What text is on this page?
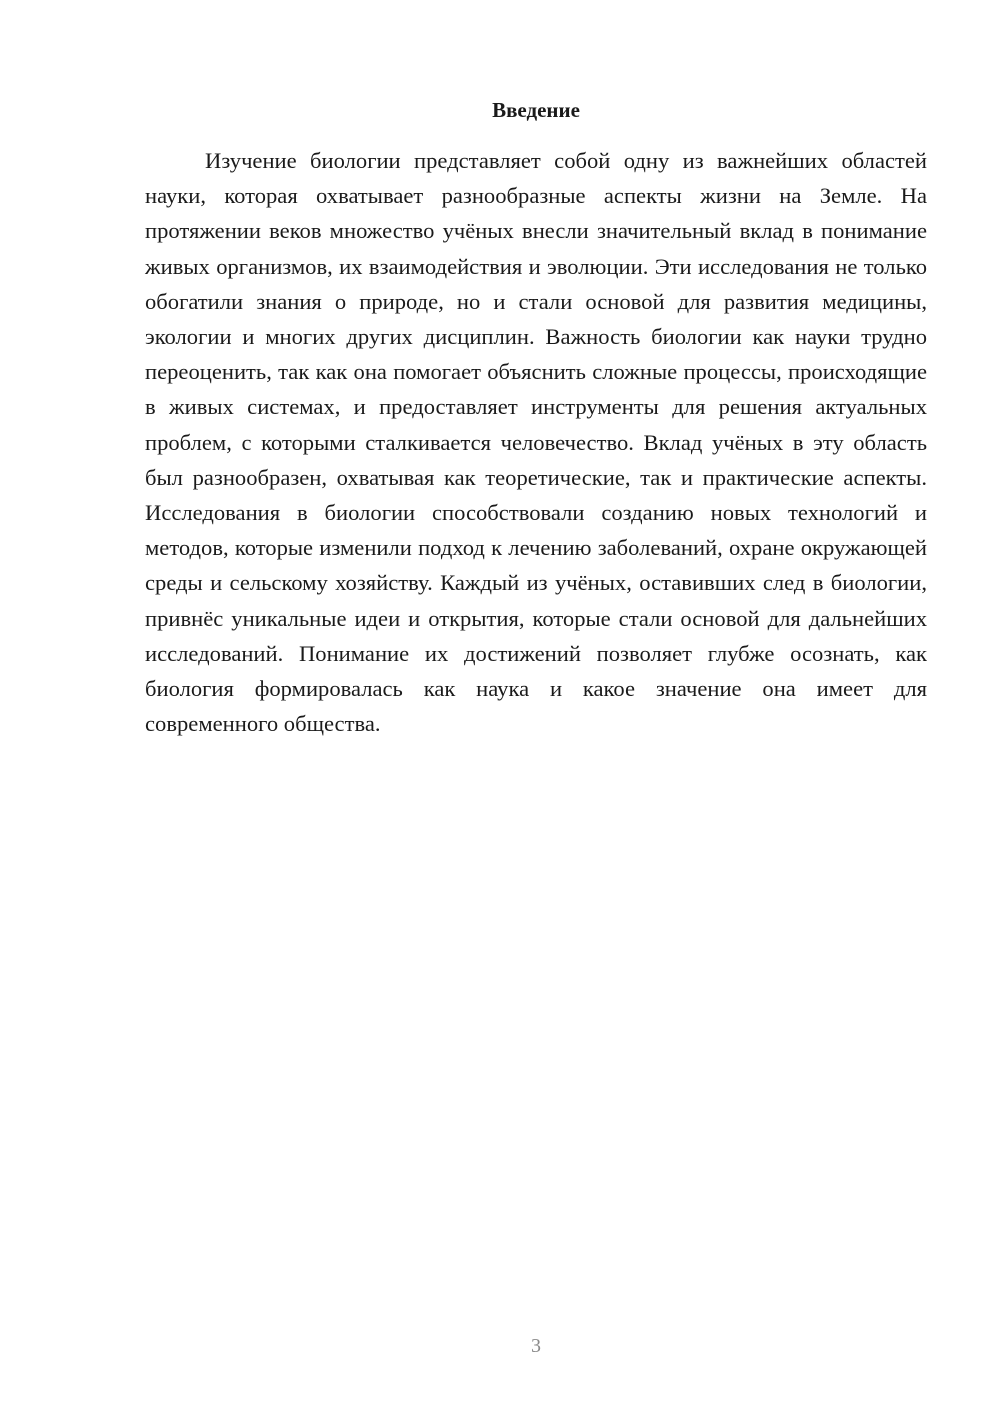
Введение

Изучение биологии представляет собой одну из важнейших областей науки, которая охватывает разнообразные аспекты жизни на Земле. На протяжении веков множество учёных внесли значительный вклад в понимание живых организмов, их взаимодействия и эволюции. Эти исследования не только обогатили знания о природе, но и стали основой для развития медицины, экологии и многих других дисциплин. Важность биологии как науки трудно переоценить, так как она помогает объяснить сложные процессы, происходящие в живых системах, и предоставляет инструменты для решения актуальных проблем, с которыми сталкивается человечество. Вклад учёных в эту область был разнообразен, охватывая как теоретические, так и практические аспекты. Исследования в биологии способствовали созданию новых технологий и методов, которые изменили подход к лечению заболеваний, охране окружающей среды и сельскому хозяйству. Каждый из учёных, оставивших след в биологии, привнёс уникальные идеи и открытия, которые стали основой для дальнейших исследований. Понимание их достижений позволяет глубже осознать, как биология формировалась как наука и какое значение она имеет для современного общества.

3
